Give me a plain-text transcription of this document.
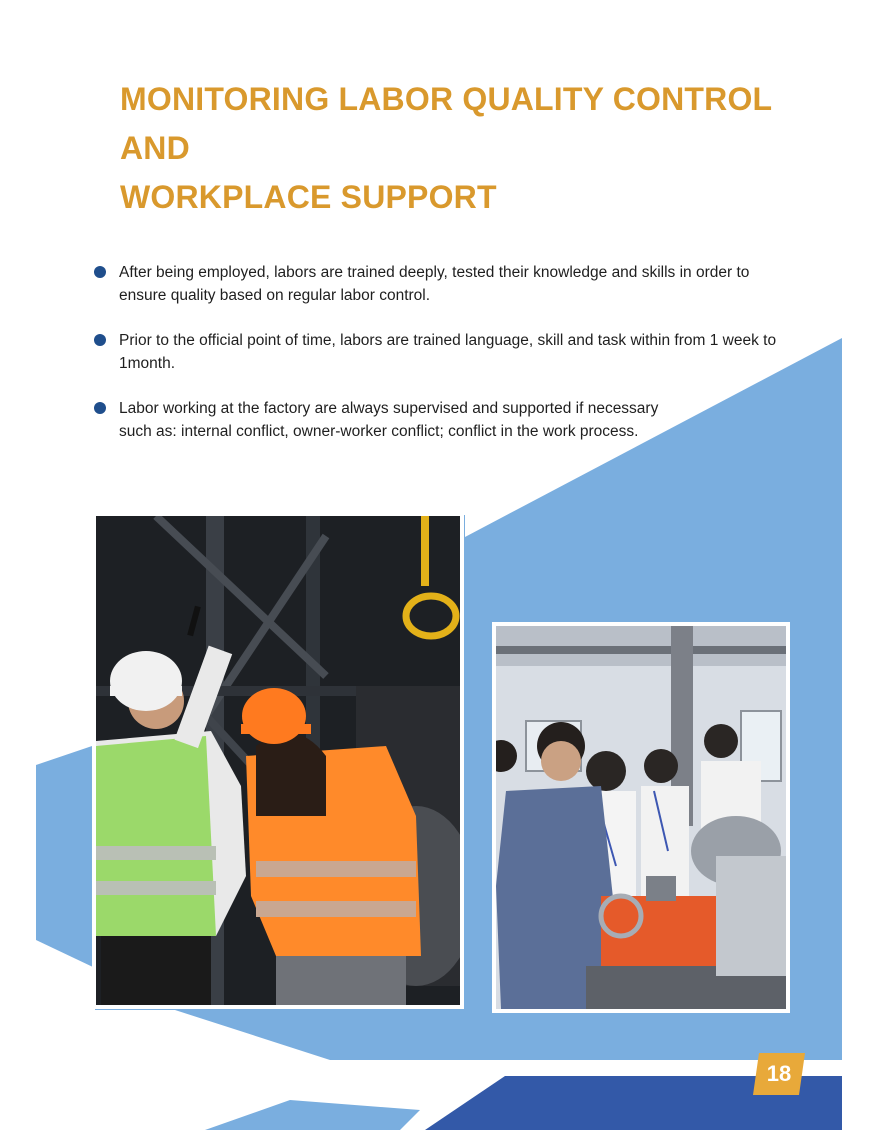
MONITORING LABOR QUALITY CONTROL
AND
WORKPLACE SUPPORT
After being employed, labors are trained deeply, tested their knowledge and skills in order to ensure quality based on regular labor control.
Prior to the official point of time, labors are trained language, skill and task within from 1 week to 1month.
Labor working at the factory are always supervised and supported if necessary such as: internal conflict, owner-worker conflict; conflict in the work process.
18
